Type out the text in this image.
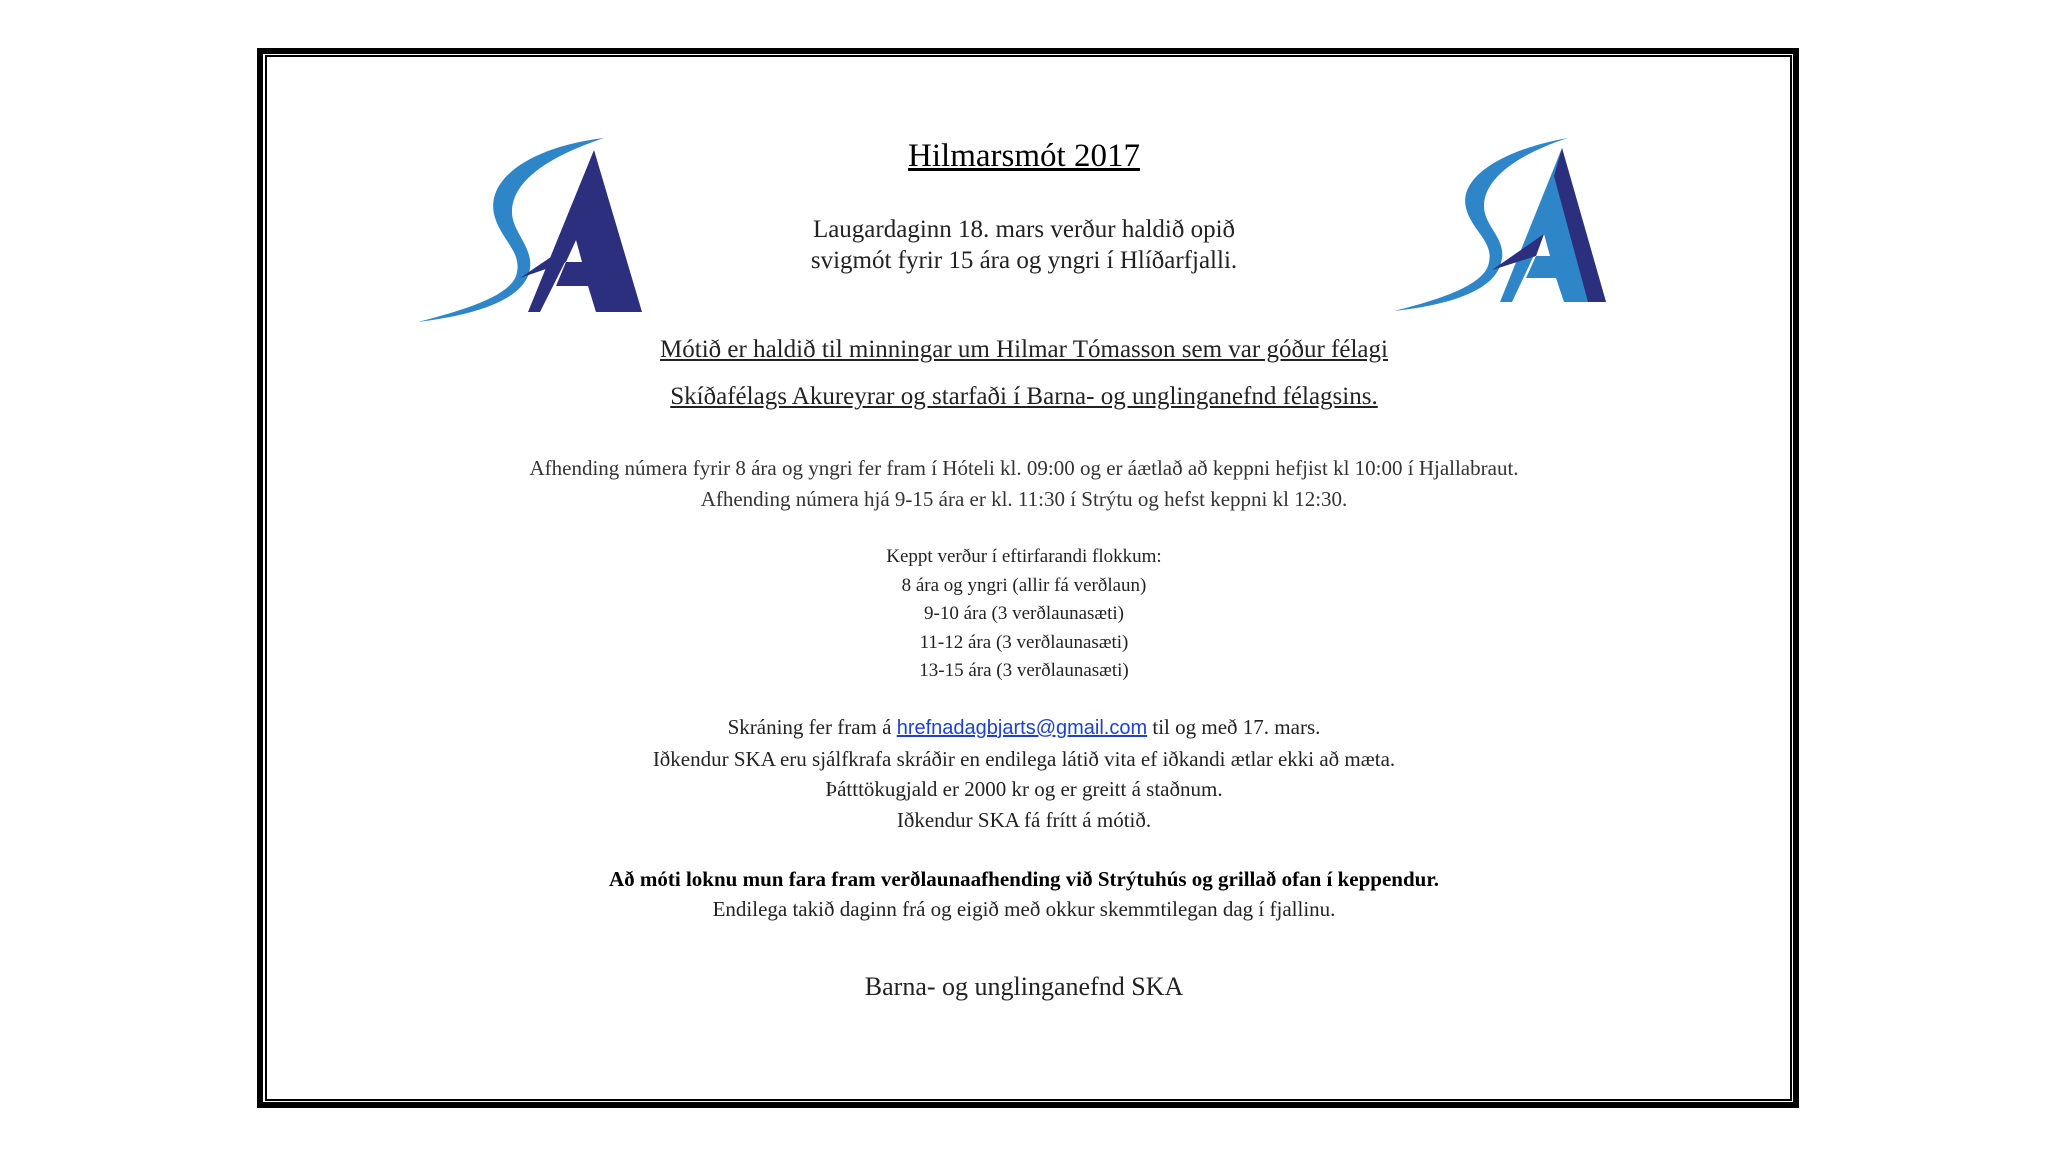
Hilmarsmót 2017

Laugardaginn 18. mars verður haldið opið

svigmót fyrir 15 ára og yngri í Hlíðarfjalli.

Mótið er haldið til minningar um Hilmar Tómasson sem var góður félagi

Skíðafélags Akureyrar og starfaði í Barna- og unglinganefnd félagsins.

Afhending númera fyrir 8 ára og yngri fer fram í Hóteli kl. 09:00 og er áætlað að keppni hefjist kl 10:00 í Hjallabraut.

Afhending númera hjá 9-15 ára er kl. 11:30 í Strýtu og hefst keppni kl 12:30.

Keppt verður í eftirfarandi flokkum:

8 ára og yngri (allir fá verðlaun)

9-10 ára (3 verðlaunasæti)

11-12 ára (3 verðlaunasæti)

13-15 ára (3 verðlaunasæti)

Skráning fer fram á hrefnadagbjarts@gmail.com til og með 17. mars.

Iðkendur SKA eru sjálfkrafa skráðir en endilega látið vita ef iðkandi ætlar ekki að mæta.

Þátttökugjald er 2000 kr og er greitt á staðnum.

Iðkendur SKA fá frítt á mótið.

Að móti loknu mun fara fram verðlaunaafhending við Strýtuhús og grillað ofan í keppendur.

Endilega takið daginn frá og eigið með okkur skemmtilegan dag í fjallinu.

Barna- og unglinganefnd SKA
